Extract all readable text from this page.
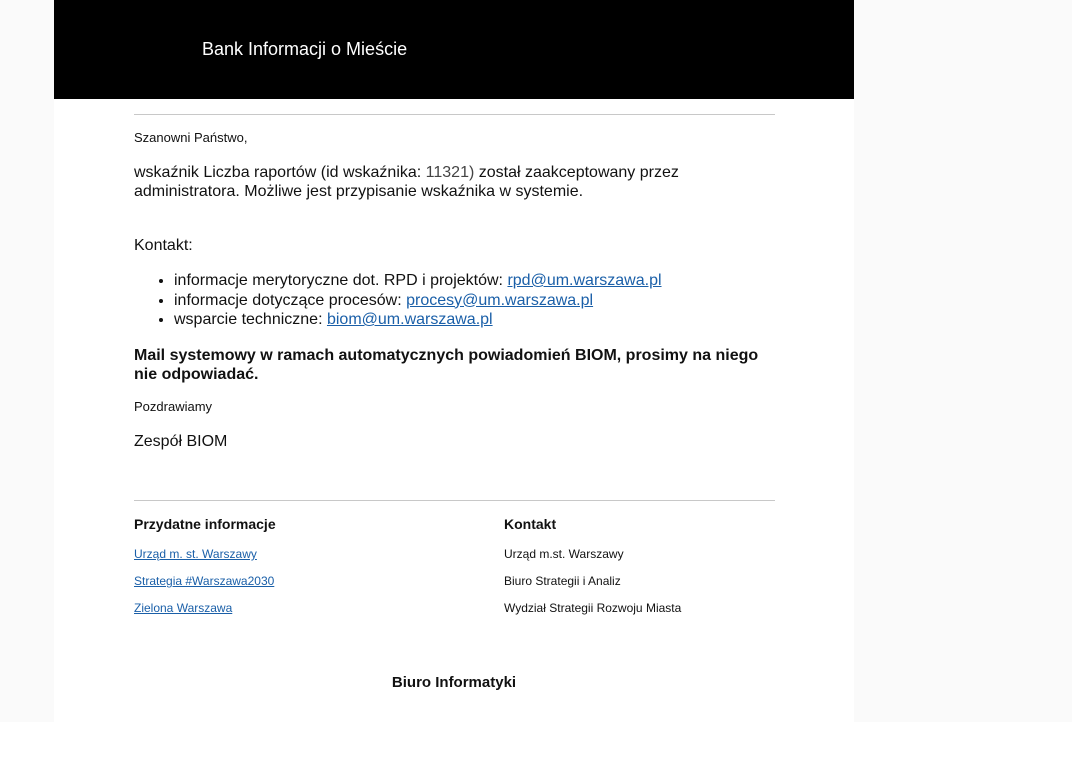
Bank Informacji o Mieście
Szanowni Państwo,
wskaźnik Liczba raportów (id wskaźnika: 11321) został zaakceptowany przez administratora. Możliwe jest przypisanie wskaźnika w systemie.
Kontakt:
• informacje merytoryczne dot. RPD i projektów: rpd@um.warszawa.pl
• informacje dotyczące procesów: procesy@um.warszawa.pl
• wsparcie techniczne: biom@um.warszawa.pl
Mail systemowy w ramach automatycznych powiadomień BIOM, prosimy na niego nie odpowiadać.
Pozdrawiamy
Zespół BIOM
Przydatne informacje
Urząd m. st. Warszawy
Strategia #Warszawa2030
Zielona Warszawa
Kontakt
Urząd m.st. Warszawy
Biuro Strategii i Analiz
Wydział Strategii Rozwoju Miasta
Biuro Informatyki
